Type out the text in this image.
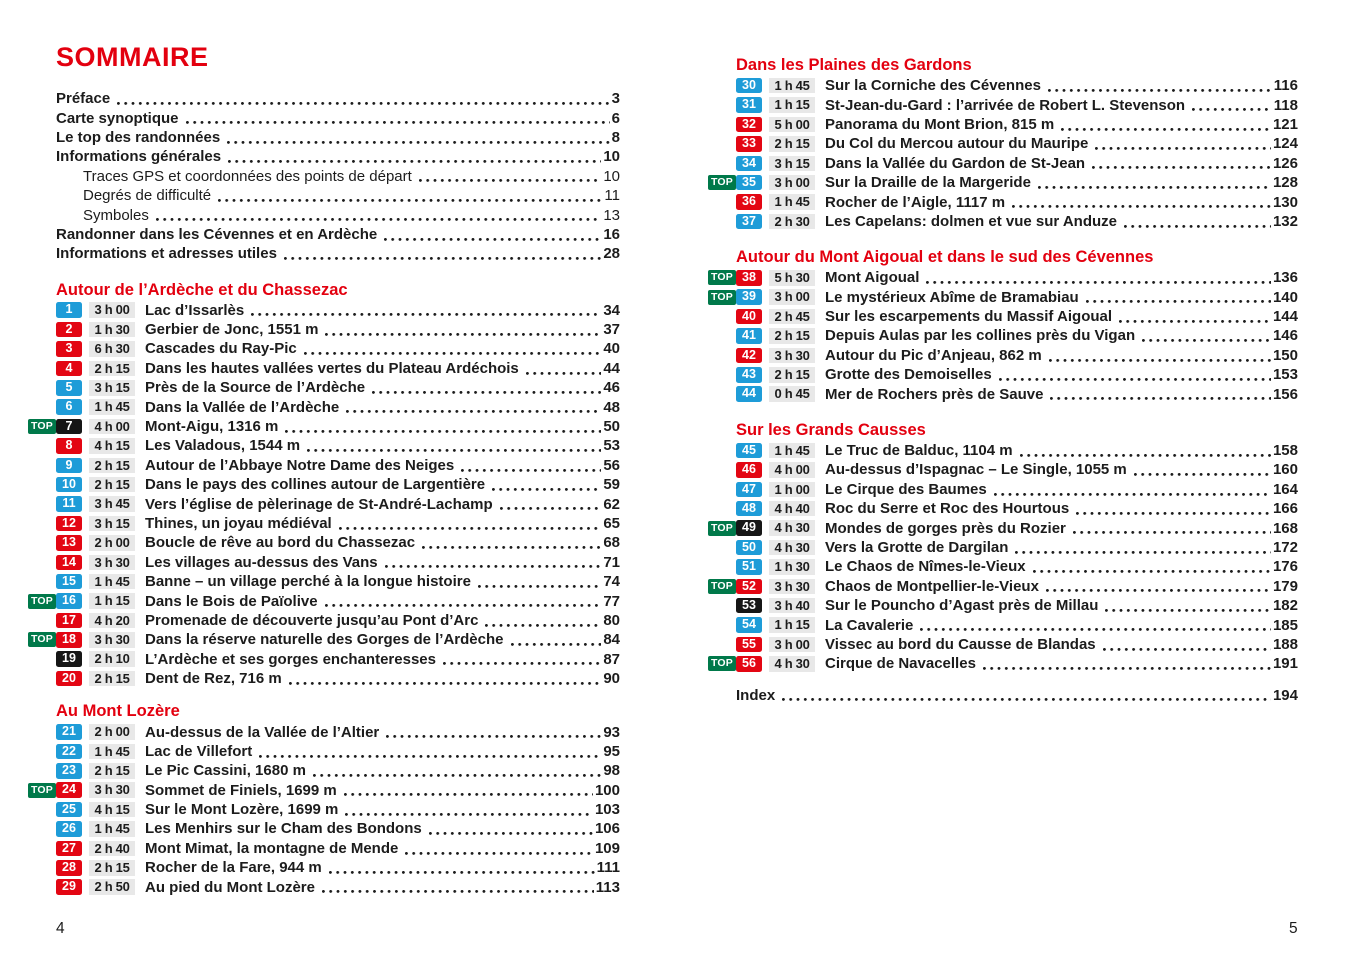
SOMMAIRE
Préface	3
Carte synoptique	6
Le top des randonnées	8
Informations générales	10
Traces GPS et coordonnées des points de départ	10
Degrés de difficulté	11
Symboles	13
Randonner dans les Cévennes et en Ardèche	16
Informations et adresses utiles	28
Autour de l’Ardèche et du Chassezac
1	3 h 00	Lac d’Issarlès	34
2	1 h 30	Gerbier de Jonc, 1551 m	37
3	6 h 30	Cascades du Ray-Pic	40
4	2 h 15	Dans les hautes vallées vertes du Plateau Ardéchois	44
5	3 h 15	Près de la Source de l’Ardèche	46
6	1 h 45	Dans la Vallée de l’Ardèche	48
TOP	7	4 h 00	Mont-Aigu, 1316 m	50
8	4 h 15	Les Valadous, 1544 m	53
9	2 h 15	Autour de l’Abbaye Notre Dame des Neiges	56
10	2 h 15	Dans le pays des collines autour de Largentière	59
11	3 h 45	Vers l’église de pèlerinage de St-André-Lachamp	62
12	3 h 15	Thines, un joyau médiéval	65
13	2 h 00	Boucle de rêve au bord du Chassezac	68
14	3 h 30	Les villages au-dessus des Vans	71
15	1 h 45	Banne – un village perché à la longue histoire	74
TOP 16	1 h 15	Dans le Bois de Païolive	77
17	4 h 20	Promenade de découverte jusqu’au Pont d’Arc	80
TOP 18	3 h 30	Dans la réserve naturelle des Gorges de l’Ardèche	84
19	2 h 10	L’Ardèche et ses gorges enchanteresses	87
20	2 h 15	Dent de Rez, 716 m	90
Au Mont Lozère
21	2 h 00	Au-dessus de la Vallée de l’Altier	93
22	1 h 45	Lac de Villefort	95
23	2 h 15	Le Pic Cassini, 1680 m	98
TOP 24	3 h 30	Sommet de Finiels, 1699 m	100
25	4 h 15	Sur le Mont Lozère, 1699 m	103
26	1 h 45	Les Menhirs sur le Cham des Bondons	106
27	2 h 40	Mont Mimat, la montagne de Mende	109
28	2 h 15	Rocher de la Fare, 944 m	111
29	2 h 50	Au pied du Mont Lozère	113
Dans les Plaines des Gardons
30	1 h 45	Sur la Corniche des Cévennes	116
31	1 h 15	St-Jean-du-Gard : l’arrivée de Robert L. Stevenson	118
32	5 h 00	Panorama du Mont Brion, 815 m	121
33	2 h 15	Du Col du Mercou autour du Mauripe	124
34	3 h 15	Dans la Vallée du Gardon de St-Jean	126
TOP 35	3 h 00	Sur la Draille de la Margeride	128
36	1 h 45	Rocher de l’Aigle, 1117 m	130
37	2 h 30	Les Capelans: dolmen et vue sur Anduze	132
Autour du Mont Aigoual et dans le sud des Cévennes
TOP 38	5 h 30	Mont Aigoual	136
TOP 39	3 h 00	Le mystérieux Abîme de Bramabiau	140
40	2 h 45	Sur les escarpements du Massif Aigoual	144
41	2 h 15	Depuis Aulas par les collines près du Vigan	146
42	3 h 30	Autour du Pic d’Anjeau, 862 m	150
43	2 h 15	Grotte des Demoiselles	153
44	0 h 45	Mer de Rochers près de Sauve	156
Sur les Grands Causses
45	1 h 45	Le Truc de Balduc, 1104 m	158
46	4 h 00	Au-dessus d’Ispagnac – Le Single, 1055 m	160
47	1 h 00	Le Cirque des Baumes	164
48	4 h 40	Roc du Serre et Roc des Hourtous	166
TOP 49	4 h 30	Mondes de gorges près du Rozier	168
50	4 h 30	Vers la Grotte de Dargilan	172
51	1 h 30	Le Chaos de Nîmes-le-Vieux	176
TOP 52	3 h 30	Chaos de Montpellier-le-Vieux	179
53	3 h 40	Sur le Pouncho d’Agast près de Millau	182
54	1 h 15	La Cavalerie	185
55	3 h 00	Vissec au bord du Causse de Blandas	188
TOP 56	4 h 30	Cirque de Navacelles	191
Index	194
4	5
